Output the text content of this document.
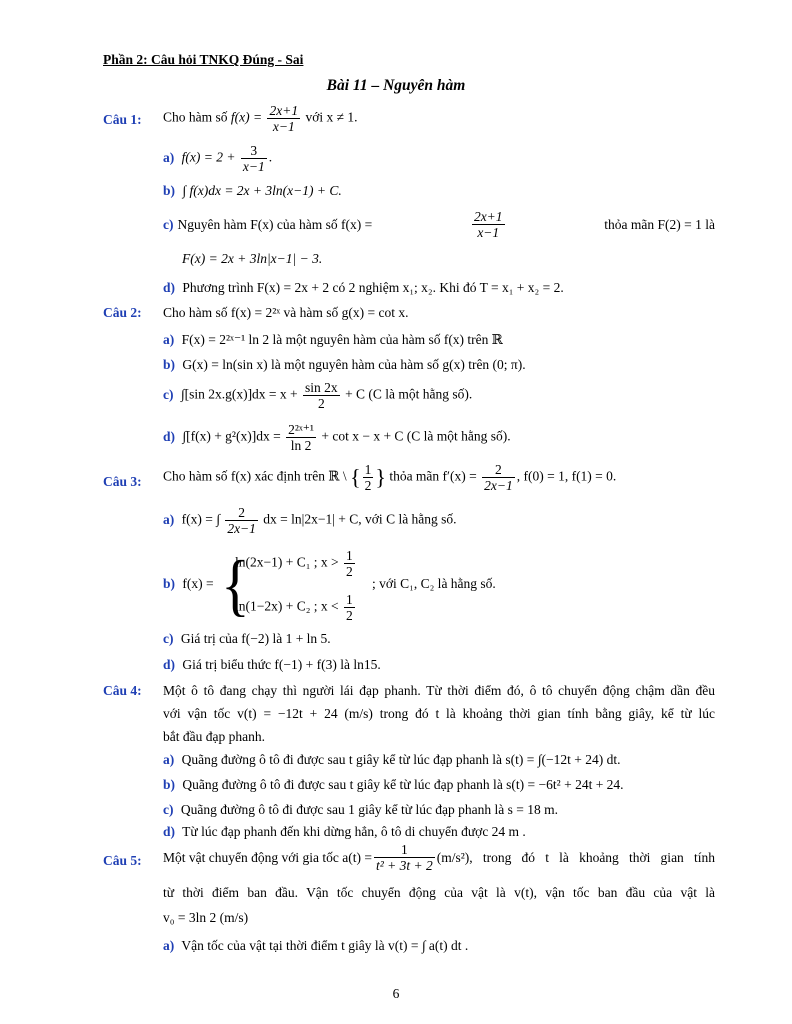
Phần 2: Câu hỏi TNKQ Đúng - Sai
Bài 11 – Nguyên hàm
Câu 1: Cho hàm số $f(x) = \frac{2x+1}{x-1}$ với x ≠ 1.
a) $f(x) = 2 + \frac{3}{x-1}$ .
b) ∫ f(x)dx = 2x + 3ln(x−1) + C.
c) Nguyên hàm F(x) của hàm số f(x) =	$\frac{2x+1}{x-1}$	thỏa mãn F(2) = 1 là
F(x) = 2x + 3ln|x−1| − 3.
d) Phương trình F(x) = 2x + 2 có 2 nghiệm x₁; x₂. Khi đó T = x₁ + x₂ = 2.
Câu 2: Cho hàm số f(x) = 2²ˣ và hàm số g(x) = cot x.
a) F(x) = 2²ˣ⁻¹ ln 2 là một nguyên hàm của hàm số f(x) trên ℝ
b) G(x) = ln(sin x) là một nguyên hàm của hàm số g(x) trên (0; π).
c) ∫[sin $2x.g(x)]dx = x + \frac{\sin 2x}{2} + C$ (C là một hằng số).
d) $\int[f(x) + g^2(x)]dx = \frac{\text{2²ˣ⁺¹}}{\ln 2} + \cot x - x + C$ (C là một hằng số).
Câu 3: Cho hàm số f(x) xác định trên ℝ \ { $\frac{1}{2}$ } thỏa mãn $f'(x) = \frac{2}{2x-1}$ , f(0) = 1, f(1) = 0.
a) f(x) = ∫ $\frac{2}{2x-1}$ dx = ln|2x−1| + C, với C là hằng số.
b) f(x) = {
ln(2x−1) + C₁ ; $x > \frac{1}{2}$
ln(1−2x) + C₂ ; $x < \frac{1}{2}$
; với C₁, C₂ là hằng số.
c) Giá trị của f(−2) là 1 + ln 5.
d) Giá trị biểu thức f(−1) + f(3) là ln15.
Câu 4: Một ô tô đang chạy thì người lái đạp phanh. Từ thời điểm đó, ô tô chuyển động chậm dần đều
với vận tốc v(t) = −12t + 24 (m/s) trong đó t là khoảng thời gian tính bằng giây, kể từ lúc
bắt đầu đạp phanh.
a) Quãng đường ô tô đi được sau t giây kể từ lúc đạp phanh là s(t) = ∫(−12t + 24) dt.
b) Quãng đường ô tô đi được sau t giây kể từ lúc đạp phanh là s(t) = −6t² + 24t + 24.
c) Quãng đường ô tô đi được sau 1 giây kể từ lúc đạp phanh là s = 18 m.
d) Từ lúc đạp phanh đến khi dừng hẳn, ô tô di chuyển được 24 m .
Câu 5: Một vật chuyển động với gia tốc $a(t) = \frac{1}{\text{t² + 3t + 2}} (m/s^2)$, trong đó t là khoảng thời gian tính
từ thời điểm ban đầu. Vận tốc chuyển động của vật là v(t), vận tốc ban đầu của vật là
v₀ = 3ln 2 (m/s)
a) Vận tốc của vật tại thời điểm t giây là v(t) = ∫ a(t) dt .
6
